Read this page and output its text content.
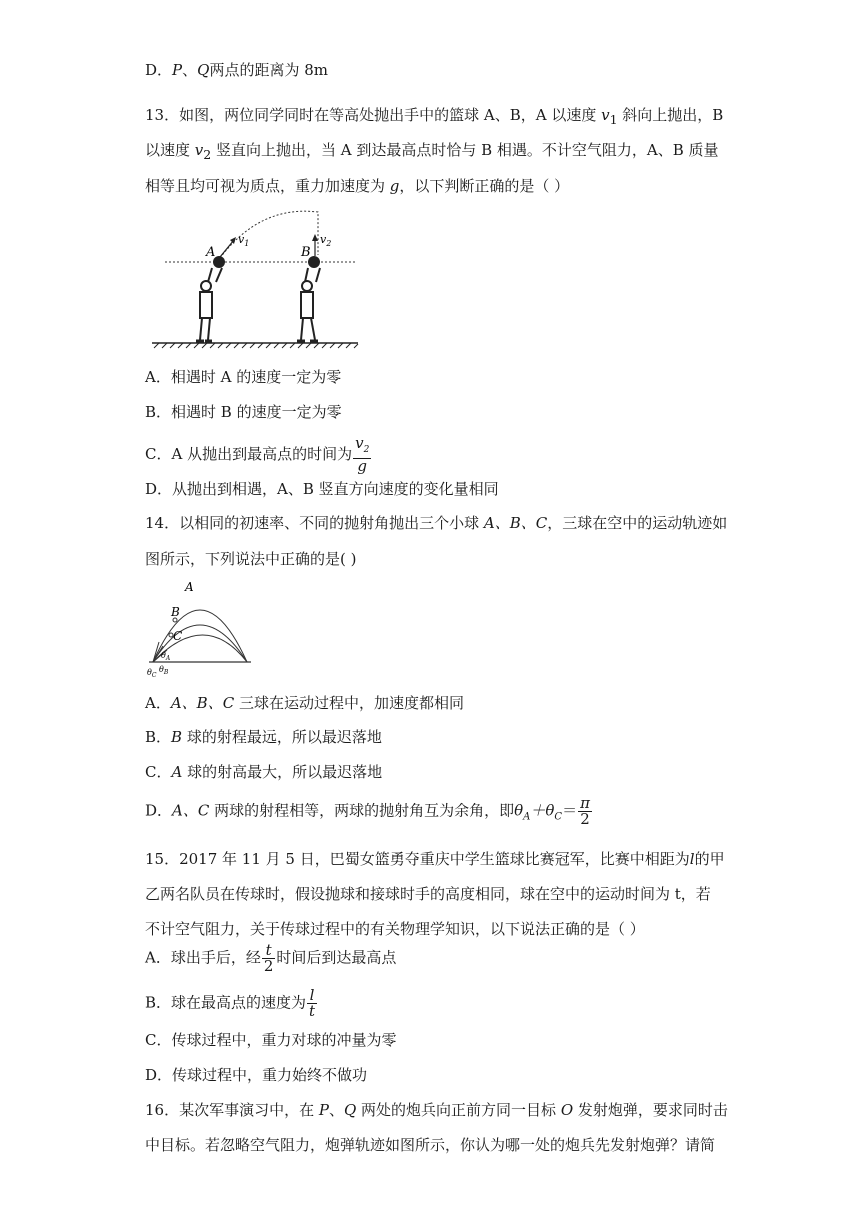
D．P、Q两点的距离为 8m
13．如图，两位同学同时在等高处抛出手中的篮球 A、B，A 以速度 $v_1$ 斜向上抛出，B
以速度 $v_2$ 竖直向上抛出，当 A 到达最高点时恰与 B 相遇。不计空气阻力，A、B 质量
相等且均可视为质点，重力加速度为 g，以下判断正确的是（ ）
A
$v_1$
B
$v_2$
A．相遇时 A 的速度一定为零
B．相遇时 B 的速度一定为零
C．A 从抛出到最高点的时间为 $\frac{v_2}{g}$
D．从抛出到相遇，A、B 竖直方向速度的变化量相同
14．以相同的初速率、不同的抛射角抛出三个小球 A、B、C，三球在空中的运动轨迹如
图所示，下列说法中正确的是( )
A
B
C
$\theta_A$
$\theta_B$
$\theta_C$
A．A、B、C 三球在运动过程中，加速度都相同
B．B 球的射程最远，所以最迟落地
C．A 球的射高最大，所以最迟落地
D．A、C 两球的射程相等，两球的抛射角互为余角，即$\theta_A+\theta_C= \frac{\pi}{2}$
15．2017 年 11 月 5 日，巴蜀女篮勇夺重庆中学生篮球比赛冠军，比赛中相距为l的甲
乙两名队员在传球时，假设抛球和接球时手的高度相同，球在空中的运动时间为 t，若
不计空气阻力，关于传球过程中的有关物理学知识，以下说法正确的是（ ）
A．球出手后，经 $\frac{t}{2}$ 时间后到达最高点
B．球在最高点的速度为 $\frac{l}{t}$
C．传球过程中，重力对球的冲量为零
D．传球过程中，重力始终不做功
16．某次军事演习中，在 P、Q 两处的炮兵向正前方同一目标 O 发射炮弹，要求同时击
中目标。若忽略空气阻力，炮弹轨迹如图所示，你认为哪一处的炮兵先发射炮弹？请简
